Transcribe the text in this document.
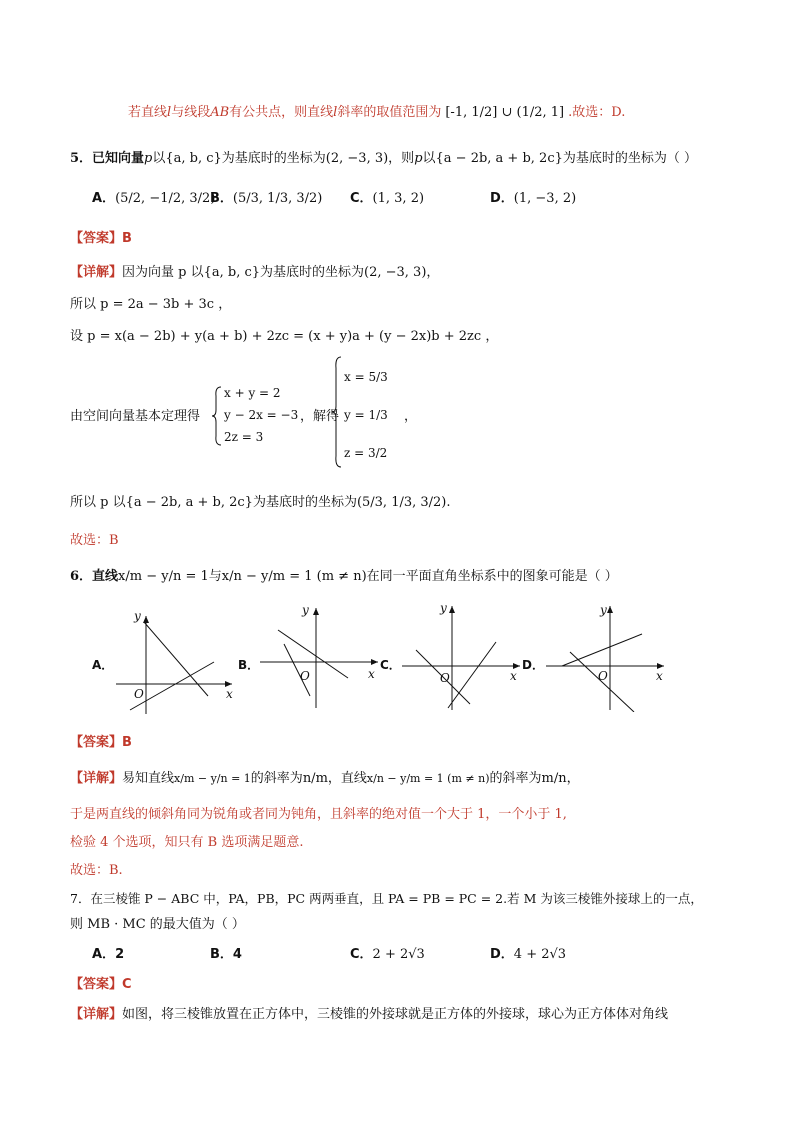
若直线l与线段AB有公共点，则直线l斜率的取值范围为 [-1, 1/2] ∪ (1/2, 1] .故选：D.
5．已知向量p以{a, b, c}为基底时的坐标为(2, −3, 3)，则p以{a − 2b, a + b, 2c}为基底时的坐标为（ ）
A．(5/2, −1/2, 3/2)
B．(5/3, 1/3, 3/2) C．(1, 3, 2)	D．(1, −3, 2)
【答案】B
【详解】因为向量 p 以{a, b, c}为基底时的坐标为(2, −3, 3)，
所以 p = 2a − 3b + 3c ，
设 p = x(a − 2b) + y(a + b) + 2zc = (x + y)a + (y − 2x)b + 2zc ，
由空间向量基本定理得
x + y = 2
y − 2x = −3
2z = 3
，解得
x = 5/3
y = 1/3
z = 3/2
，
所以 p 以{a − 2b, a + b, 2c}为基底时的坐标为(5/3, 1/3, 3/2).
故选：B
6．直线x/m − y/n = 1与x/n − y/m = 1 (m ≠ n)在同一平面直角坐标系中的图象可能是（ ）
A．
x
y
O
B．
x
y
O
C．
x
y
O
D．
x
y
O
【答案】B
【详解】易知直线x/m − y/n = 1的斜率为n/m，直线x/n − y/m = 1 (m ≠ n)的斜率为m/n，
于是两直线的倾斜角同为锐角或者同为钝角，且斜率的绝对值一个大于 1，一个小于 1,
检验 4 个选项，知只有 B 选项满足题意.
故选：B.
7．在三棱锥 P − ABC 中，PA，PB，PC 两两垂直，且 PA = PB = PC = 2.若 M 为该三棱锥外接球上的一点，
则 MB · MC 的最大值为（ ）
A．2	B．4	C．2 + 2√3	D．4 + 2√3
【答案】C
【详解】如图，将三棱锥放置在正方体中，三棱锥的外接球就是正方体的外接球，球心为正方体体对角线
